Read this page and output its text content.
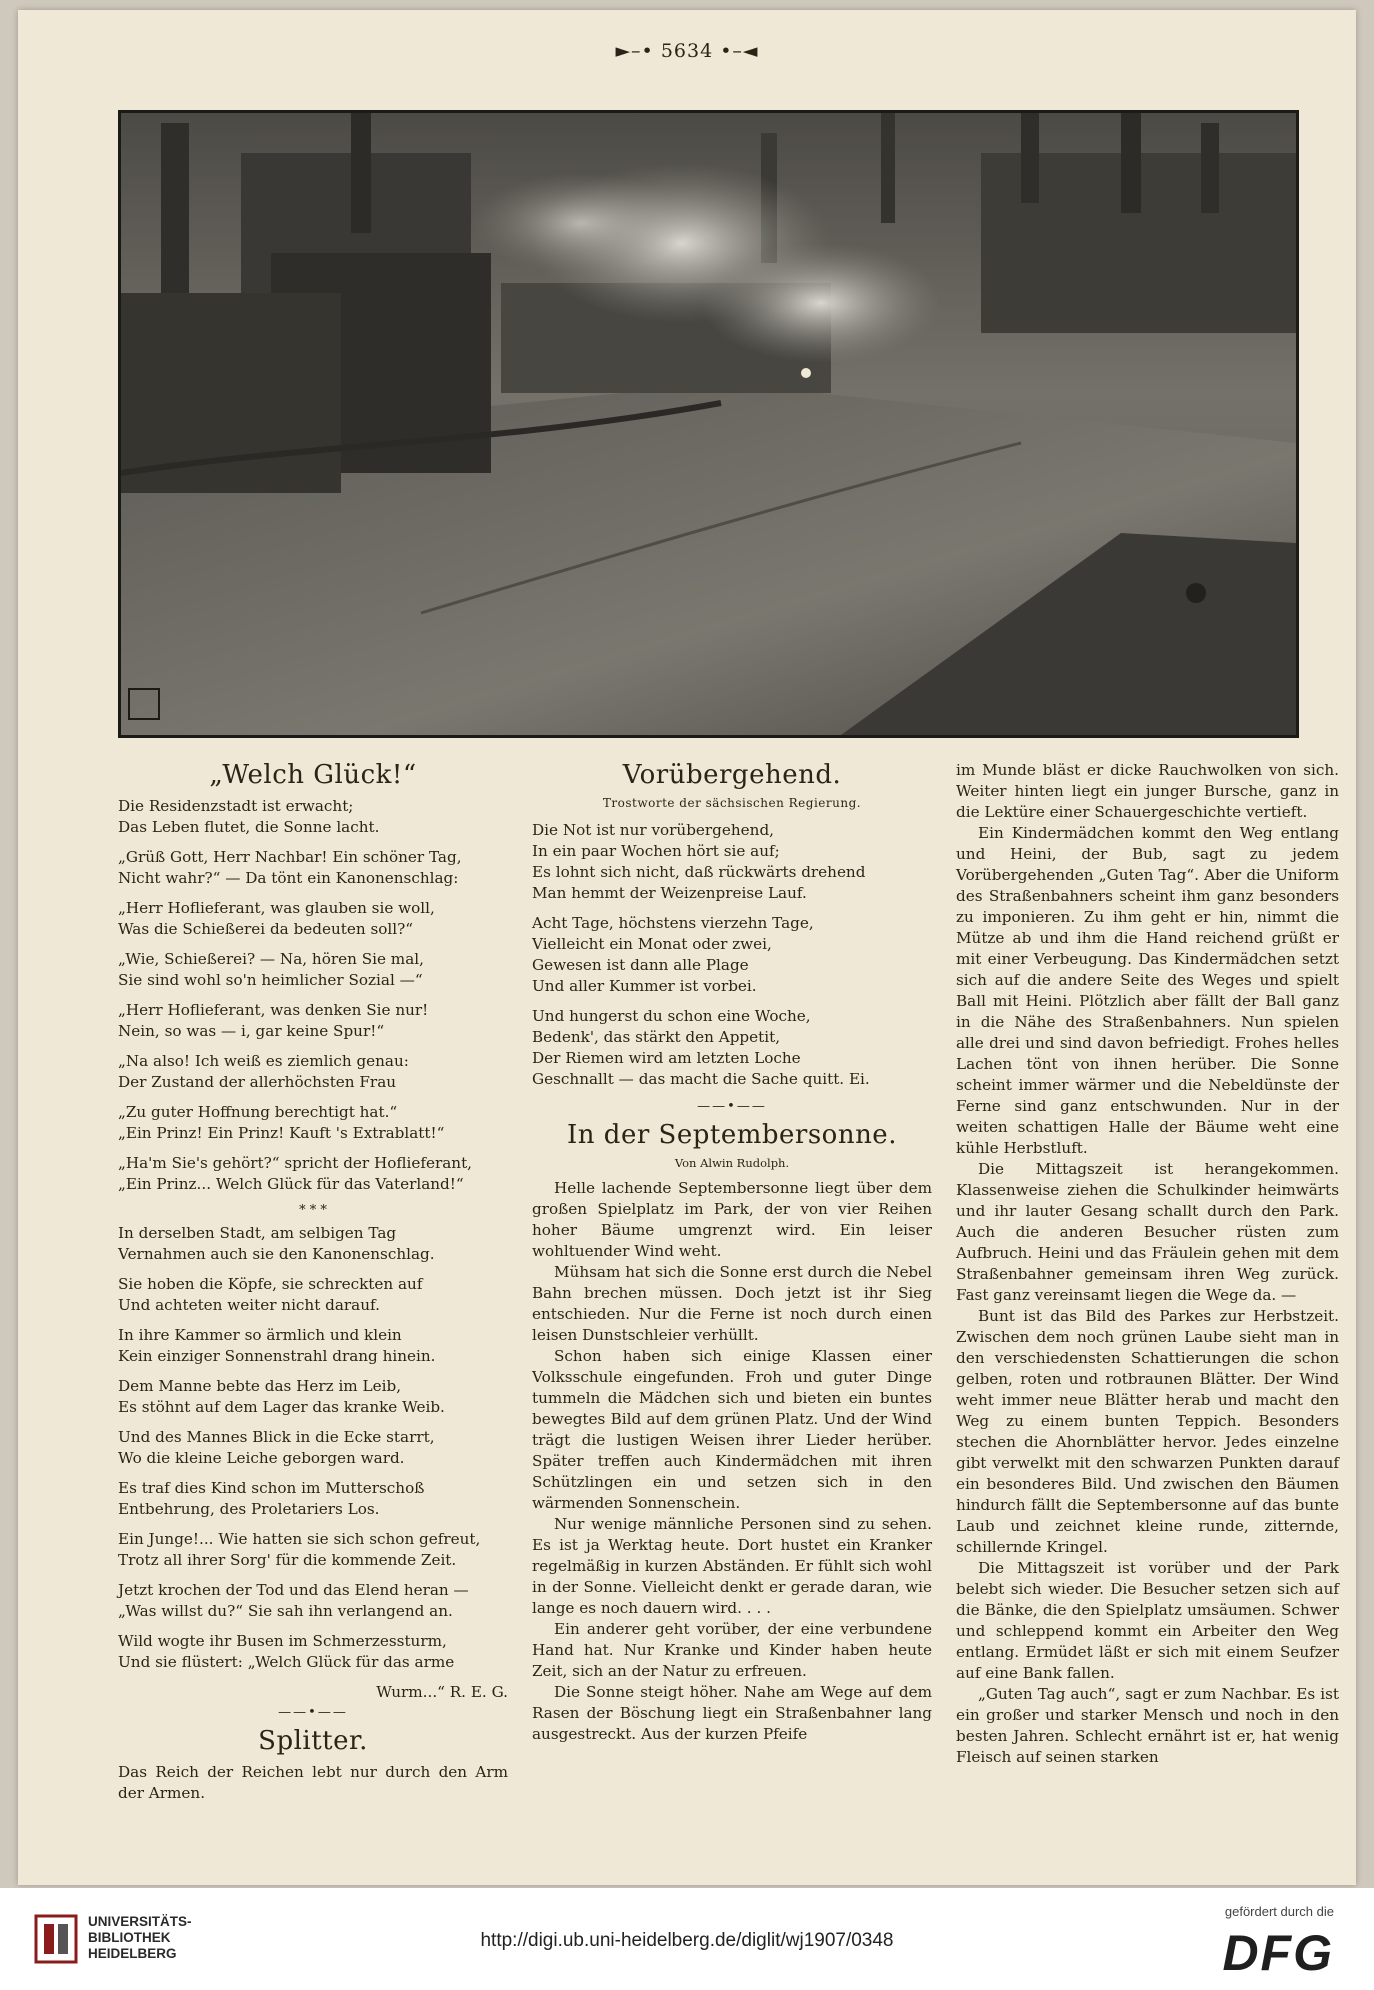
►–• 5634 •–◄
„Welch Glück!“
Die Residenzstadt ist erwacht;
Das Leben flutet, die Sonne lacht.
„Grüß Gott, Herr Nachbar! Ein schöner Tag,
Nicht wahr?“ — Da tönt ein Kanonenschlag:
„Herr Hoflieferant, was glauben sie woll,
Was die Schießerei da bedeuten soll?“
„Wie, Schießerei? — Na, hören Sie mal,
Sie sind wohl so'n heimlicher Sozial —“
„Herr Hoflieferant, was denken Sie nur!
Nein, so was — i, gar keine Spur!“
„Na also! Ich weiß es ziemlich genau:
Der Zustand der allerhöchsten Frau
„Zu guter Hoffnung berechtigt hat.“
„Ein Prinz! Ein Prinz! Kauft 's Extrablatt!“
„Ha'm Sie's gehört?“ spricht der Hoflieferant,
„Ein Prinz... Welch Glück für das Vaterland!“
* * *
In derselben Stadt, am selbigen Tag
Vernahmen auch sie den Kanonenschlag.
Sie hoben die Köpfe, sie schreckten auf
Und achteten weiter nicht darauf.
In ihre Kammer so ärmlich und klein
Kein einziger Sonnenstrahl drang hinein.
Dem Manne bebte das Herz im Leib,
Es stöhnt auf dem Lager das kranke Weib.
Und des Mannes Blick in die Ecke starrt,
Wo die kleine Leiche geborgen ward.
Es traf dies Kind schon im Mutterschoß
Entbehrung, des Proletariers Los.
Ein Junge!... Wie hatten sie sich schon gefreut,
Trotz all ihrer Sorg' für die kommende Zeit.
Jetzt krochen der Tod und das Elend heran —
„Was willst du?“ Sie sah ihn verlangend an.
Wild wogte ihr Busen im Schmerzessturm,
Und sie flüstert: „Welch Glück für das arme
Wurm...“ R. E. G.
——•——
Splitter.

Das Reich der Reichen lebt nur durch den Arm der Armen.

Vorübergehend.
Trostworte der sächsischen Regierung.
Die Not ist nur vorübergehend,
In ein paar Wochen hört sie auf;
Es lohnt sich nicht, daß rückwärts drehend
Man hemmt der Weizenpreise Lauf.
Acht Tage, höchstens vierzehn Tage,
Vielleicht ein Monat oder zwei,
Gewesen ist dann alle Plage
Und aller Kummer ist vorbei.
Und hungerst du schon eine Woche,
Bedenk', das stärkt den Appetit,
Der Riemen wird am letzten Loche
Geschnallt — das macht die Sache quitt. Ei.
——•——
In der Septembersonne.
Von Alwin Rudolph.

Helle lachende Septembersonne liegt über dem großen Spielplatz im Park, der von vier Reihen hoher Bäume umgrenzt wird. Ein leiser wohltuender Wind weht.

Mühsam hat sich die Sonne erst durch die Nebel Bahn brechen müssen. Doch jetzt ist ihr Sieg entschieden. Nur die Ferne ist noch durch einen leisen Dunstschleier verhüllt.

Schon haben sich einige Klassen einer Volksschule eingefunden. Froh und guter Dinge tummeln die Mädchen sich und bieten ein buntes bewegtes Bild auf dem grünen Platz. Und der Wind trägt die lustigen Weisen ihrer Lieder herüber. Später treffen auch Kindermädchen mit ihren Schützlingen ein und setzen sich in den wärmenden Sonnenschein.

Nur wenige männliche Personen sind zu sehen. Es ist ja Werktag heute. Dort hustet ein Kranker regelmäßig in kurzen Abständen. Er fühlt sich wohl in der Sonne. Vielleicht denkt er gerade daran, wie lange es noch dauern wird. . . .

Ein anderer geht vorüber, der eine verbundene Hand hat. Nur Kranke und Kinder haben heute Zeit, sich an der Natur zu erfreuen.

Die Sonne steigt höher. Nahe am Wege auf dem Rasen der Böschung liegt ein Straßenbahner lang ausgestreckt. Aus der kurzen Pfeife

im Munde bläst er dicke Rauchwolken von sich. Weiter hinten liegt ein junger Bursche, ganz in die Lektüre einer Schauergeschichte vertieft.

Ein Kindermädchen kommt den Weg entlang und Heini, der Bub, sagt zu jedem Vorübergehenden „Guten Tag“. Aber die Uniform des Straßenbahners scheint ihm ganz besonders zu imponieren. Zu ihm geht er hin, nimmt die Mütze ab und ihm die Hand reichend grüßt er mit einer Verbeugung. Das Kindermädchen setzt sich auf die andere Seite des Weges und spielt Ball mit Heini. Plötzlich aber fällt der Ball ganz in die Nähe des Straßenbahners. Nun spielen alle drei und sind davon befriedigt. Frohes helles Lachen tönt von ihnen herüber. Die Sonne scheint immer wärmer und die Nebeldünste der Ferne sind ganz entschwunden. Nur in der weiten schattigen Halle der Bäume weht eine kühle Herbstluft.

Die Mittagszeit ist herangekommen. Klassenweise ziehen die Schulkinder heimwärts und ihr lauter Gesang schallt durch den Park. Auch die anderen Besucher rüsten zum Aufbruch. Heini und das Fräulein gehen mit dem Straßenbahner gemeinsam ihren Weg zurück. Fast ganz vereinsamt liegen die Wege da. —

Bunt ist das Bild des Parkes zur Herbstzeit. Zwischen dem noch grünen Laube sieht man in den verschiedensten Schattierungen die schon gelben, roten und rotbraunen Blätter. Der Wind weht immer neue Blätter herab und macht den Weg zu einem bunten Teppich. Besonders stechen die Ahornblätter hervor. Jedes einzelne gibt verwelkt mit den schwarzen Punkten darauf ein besonderes Bild. Und zwischen den Bäumen hindurch fällt die Septembersonne auf das bunte Laub und zeichnet kleine runde, zitternde, schillernde Kringel.

Die Mittagszeit ist vorüber und der Park belebt sich wieder. Die Besucher setzen sich auf die Bänke, die den Spielplatz umsäumen. Schwer und schleppend kommt ein Arbeiter den Weg entlang. Ermüdet läßt er sich mit einem Seufzer auf eine Bank fallen.

„Guten Tag auch“, sagt er zum Nachbar. Es ist ein großer und starker Mensch und noch in den besten Jahren. Schlecht ernährt ist er, hat wenig Fleisch auf seinen starken

UNIVERSITÄTS-
BIBLIOTHEK
HEIDELBERG
http://digi.ub.uni-heidelberg.de/diglit/wj1907/0348
gefördert durch die
DFG
